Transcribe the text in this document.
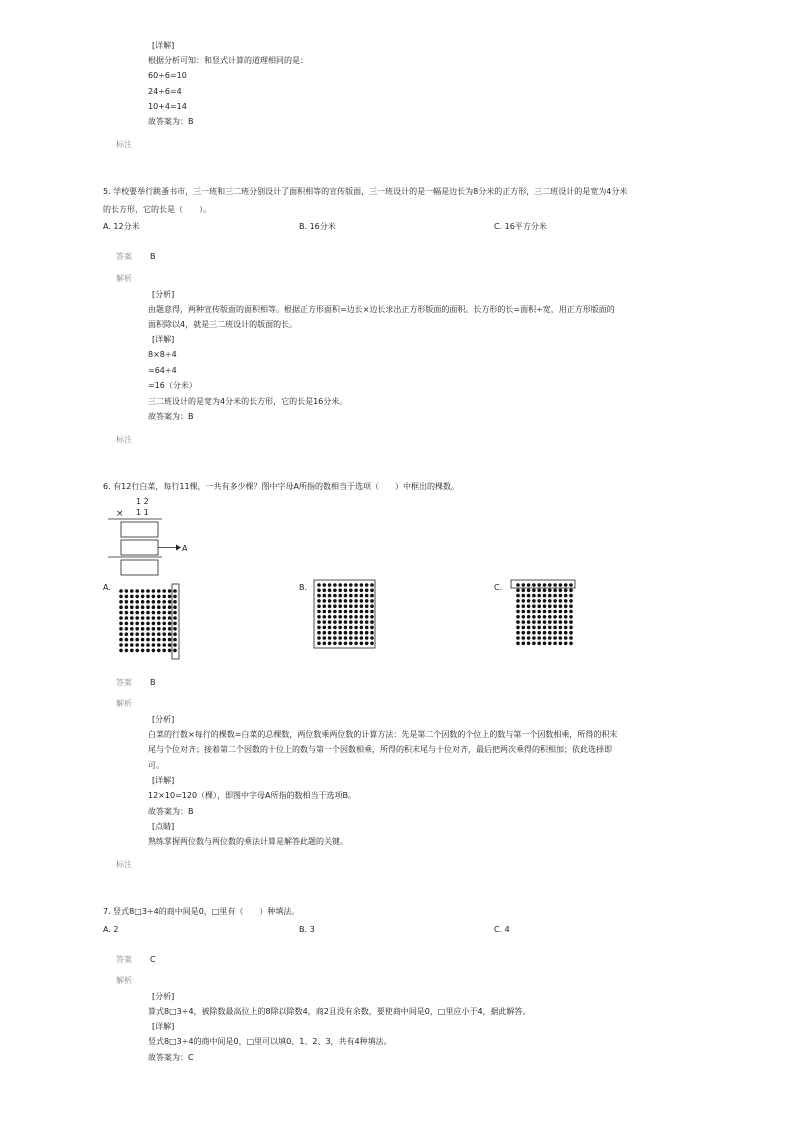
[详解]
根据分析可知：和竖式计算的道理相同的是：
60÷6=10
24÷6=4
10+4=14
故答案为：B
标注
5. 学校要举行跳蚤书市，三一班和三二班分别设计了面积相等的宣传版面，三一班设计的是一幅是边长为8分米的正方形，三二班设计的是宽为4分米
的长方形，它的长是（　　）。
A. 12分米	B. 16分米	C. 16平方分米
答案 B
解析
[分析]
由题意得，两种宣传版面的面积相等。根据正方形面积=边长×边长求出正方形版面的面积。长方形的长=面积÷宽，用正方形版面的
面积除以4，就是三二班设计的版面的长。
[详解]
8×8÷4
=64÷4
=16（分米）
三二班设计的是宽为4分米的长方形，它的长是16分米。
故答案为：B
标注
6. 有12行白菜，每行11棵，一共有多少棵？图中字母A所指的数相当于选项（　　）中框出的棵数。
1 2
× 1 1
A
A.	B.	C.
答案 B
解析
[分析]
白菜的行数×每行的棵数=白菜的总棵数，两位数乘两位数的计算方法：先是第二个因数的个位上的数与第一个因数相乘，所得的积末
尾与个位对齐；接着第二个因数的十位上的数与第一个因数相乘，所得的积末尾与十位对齐，最后把两次乘得的积相加；依此选择即
可。
[详解]
12×10=120（棵），即图中字母A所指的数相当于选项B。
故答案为：B
[点睛]
熟练掌握两位数与两位数的乘法计算是解答此题的关键。
标注
7. 竖式8□3÷4的商中间是0，□里有（　　）种填法。
A. 2	B. 3	C. 4
答案 C
解析
[分析]
算式8□3÷4，被除数最高位上的8除以除数4，商2且没有余数，要使商中间是0，□里应小于4，据此解答。
[详解]
竖式8□3÷4的商中间是0，□里可以填0、1、2、3，共有4种填法。
故答案为：C
